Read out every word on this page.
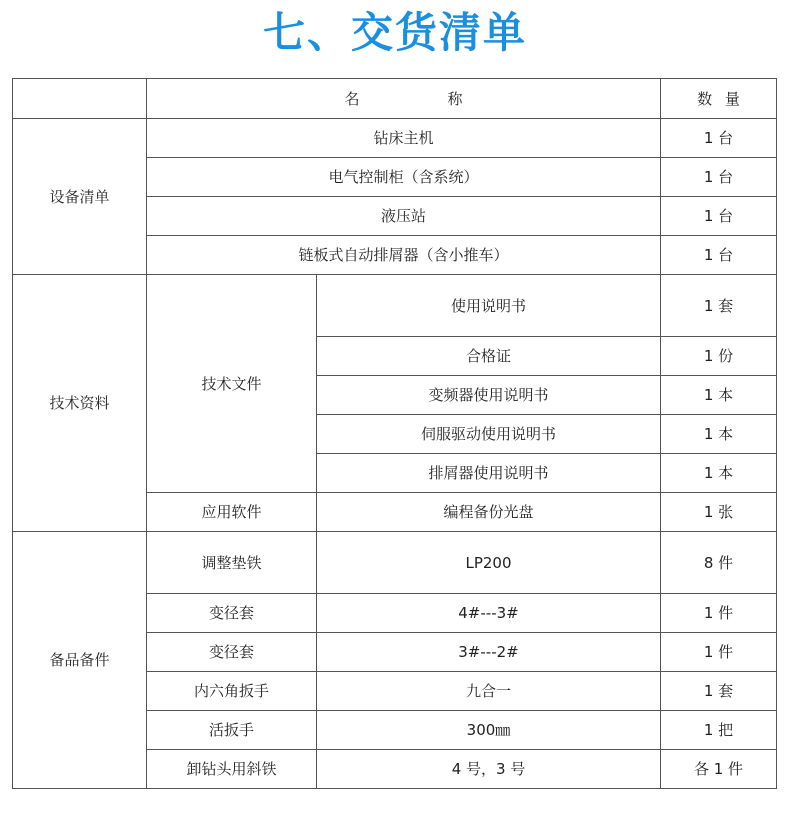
七、交货清单
	名 称		数 量
设备清单	钻床主机		1 台
	电气控制柜（含系统）		1 台
	液压站		1 台
	链板式自动排屑器（含小推车）		1 台
技术资料	技术文件	使用说明书	1 套
		合格证	1 份
		变频器使用说明书	1 本
		伺服驱动使用说明书	1 本
		排屑器使用说明书	1 本
	应用软件	编程备份光盘	1 张
备品备件	调整垫铁	LP200	8 件
	变径套	4#---3#	1 件
	变径套	3#---2#	1 件
	内六角扳手	九合一	1 套
	活扳手	300㎜	1 把
	卸钻头用斜铁	4 号，3 号	各 1 件
